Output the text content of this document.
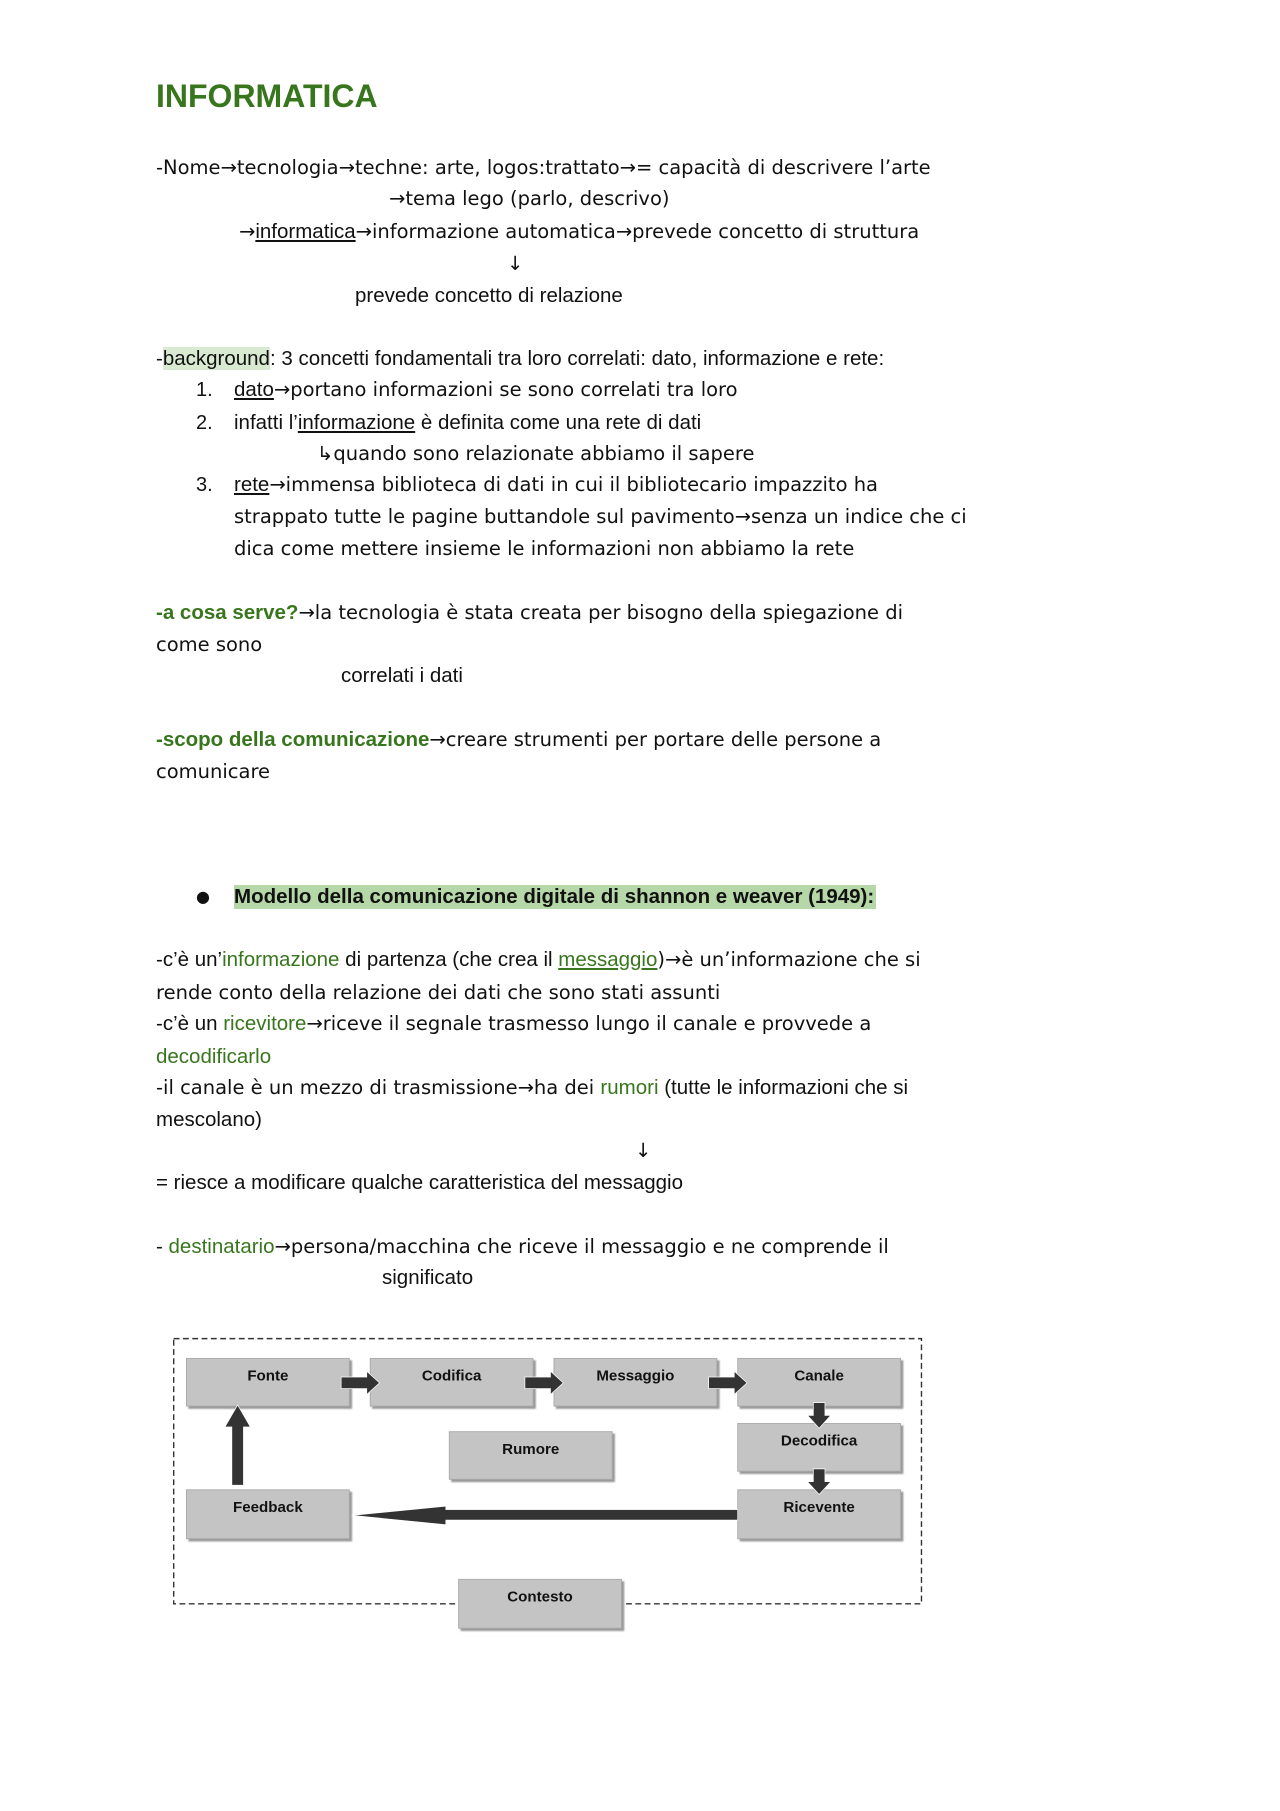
INFORMATICA
-Nome→tecnologia→techne: arte, logos:trattato→= capacità di descrivere l’arte
→tema lego (parlo, descrivo)
→informatica→informazione automatica→prevede concetto di struttura
↓
prevede concetto di relazione
-background: 3 concetti fondamentali tra loro correlati: dato, informazione e rete:
1. dato→portano informazioni se sono correlati tra loro
2. infatti l’informazione è definita come una rete di dati
↳quando sono relazionate abbiamo il sapere
3. rete→immensa biblioteca di dati in cui il bibliotecario impazzito ha
strappato tutte le pagine buttandole sul pavimento→senza un indice che ci
dica come mettere insieme le informazioni non abbiamo la rete
-a cosa serve?→la tecnologia è stata creata per bisogno della spiegazione di
come sono
correlati i dati
-scopo della comunicazione→creare strumenti per portare delle persone a
comunicare
● Modello della comunicazione digitale di shannon e weaver (1949):
-c’è un’informazione di partenza (che crea il messaggio)→è un’informazione che si
rende conto della relazione dei dati che sono stati assunti
-c’è un ricevitore→riceve il segnale trasmesso lungo il canale e provvede a
decodificarlo
-il canale è un mezzo di trasmissione→ha dei rumori (tutte le informazioni che si
mescolano)
↓
= riesce a modificare qualche caratteristica del messaggio
- destinatario→persona/macchina che riceve il messaggio e ne comprende il
significato
Fonte	Codifica	Messaggio	Canale
Decodifica
Ricevente
Feedback
Rumore
Contesto
